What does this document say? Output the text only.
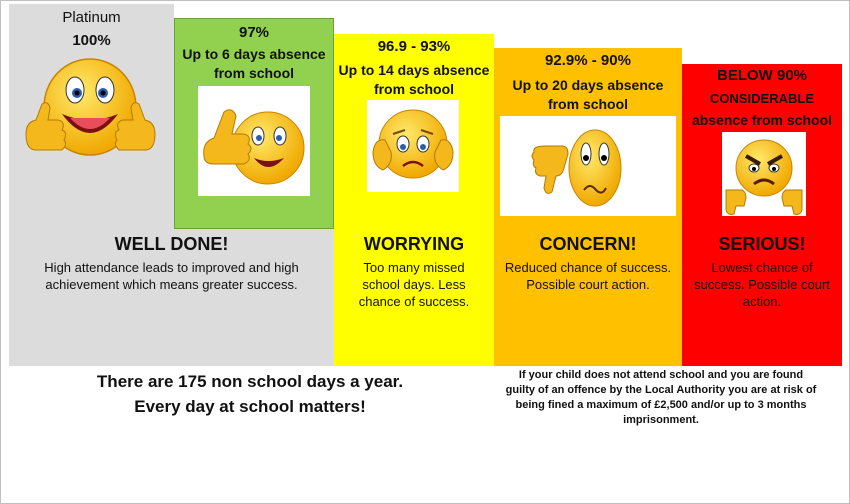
Platinum
100%	97%
Up to 6 days absence from school
96.9 - 93%
Up to 14 days absence from school
92.9% - 90%
Up to 20 days absence from school
BELOW 90%
CONSIDERABLE
absence from school
WELL DONE!
High attendance leads to improved and high achievement which means greater success.
WORRYING
Too many missed school days. Less chance of success.
CONCERN!
Reduced chance of success. Possible court action.
SERIOUS!
Lowest chance of success. Possible court action.
There are 175 non school days a year.
Every day at school matters!
If your child does not attend school and you are found guilty of an offence by the Local Authority you are at risk of being fined a maximum of £2,500 and/or up to 3 months imprisonment.
